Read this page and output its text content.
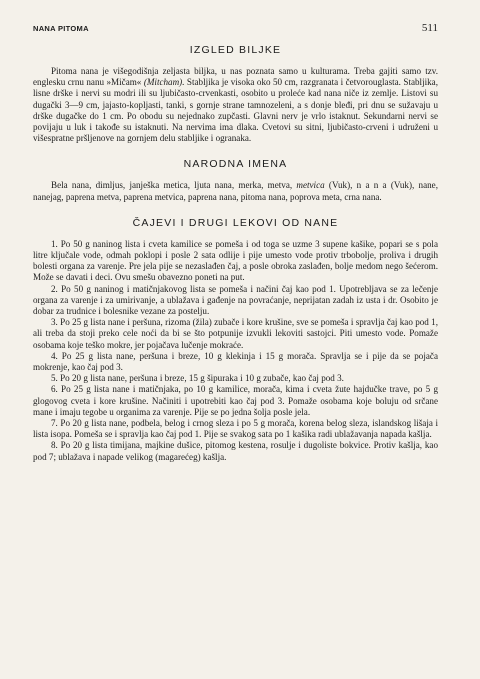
NANA PITOMA	511
IZGLED BILJKE

Pitoma nana je višegodišnja zeljasta biljka, u nas poznata samo u kulturama. Treba gajiti samo tzv. englesku crnu nanu »Mičam« (Mitcham). Stabljika je visoka oko 50 cm, razgranata i četvorouglasta. Stabljika, lisne drške i nervi su modri ili su ljubičasto-crvenkasti, osobito u proleće kad nana niče iz zemlje. Listovi su dugački 3—9 cm, jajasto-kopljasti, tanki, s gornje strane tamnozeleni, a s donje bleđi, pri dnu se sužavaju u drške dugačke do 1 cm. Po obodu su nejednako zupčasti. Glavni nerv je vrlo istaknut. Sekundarni nervi se povijaju u luk i takođe su istaknuti. Na nervima ima dlaka. Cvetovi su sitni, ljubičasto-crveni i udruženi u višespratne pršljenove na gornjem delu stabljike i ogranaka.

NARODNA IMENA

Bela nana, dimljus, janješka metica, ljuta nana, merka, metva, metvica (Vuk), n a n a (Vuk), nane, nanejag, paprena metva, paprena metvica, paprena nana, pitoma nana, poprova meta, crna nana.

ČAJEVI I DRUGI LEKOVI OD NANE

1. Po 50 g naninog lista i cveta kamilice se pomeša i od toga se uzme 3 supene kašike, popari se s pola litre ključale vode, odmah poklopi i posle 2 sata odlije i pije umesto vode protiv trbobolje, proliva i drugih bolesti organa za varenje. Pre jela pije se nezaslađen čaj, a posle obroka zaslađen, bolje medom nego šećerom. Može se davati i deci. Ovu smešu obavezno poneti na put.

2. Po 50 g naninog i matičnjakovog lista se pomeša i načini čaj kao pod 1. Upotrebljava se za lečenje organa za varenje i za umirivanje, a ublažava i gađenje na povraćanje, neprijatan zadah iz usta i dr. Osobito je dobar za trudnice i bolesnike vezane za postelju.

3. Po 25 g lista nane i peršuna, rizoma (žila) zubače i kore krušine, sve se pomeša i spravlja čaj kao pod 1, ali treba da stoji preko cele noći da bi se što potpunije izvukli lekoviti sastojci. Piti umesto vode. Pomaže osobama koje teško mokre, jer pojačava lučenje mokraće.

4. Po 25 g lista nane, peršuna i breze, 10 g klekinja i 15 g morača. Spravlja se i pije da se pojača mokrenje, kao čaj pod 3.

5. Po 20 g lista nane, peršuna i breze, 15 g šipuraka i 10 g zubače, kao čaj pod 3.

6. Po 25 g lista nane i matičnjaka, po 10 g kamilice, morača, kima i cveta žute hajdučke trave, po 5 g glogovog cveta i kore krušine. Načiniti i upotrebiti kao čaj pod 3. Pomaže osobama koje boluju od srčane mane i imaju tegobe u organima za varenje. Pije se po jedna šolja posle jela.

7. Po 20 g lista nane, podbela, belog i crnog sleza i po 5 g morača, korena belog sleza, islandskog lišaja i lista isopa. Pomeša se i spravlja kao čaj pod 1. Pije se svakog sata po 1 kašika radi ublažavanja napada kašlja.

8. Po 20 g lista timijana, majkine dušice, pitomog kestena, rosulje i dugoliste bokvice. Protiv kašlja, kao pod 7; ublažava i napade velikog (magarećeg) kašlja.
